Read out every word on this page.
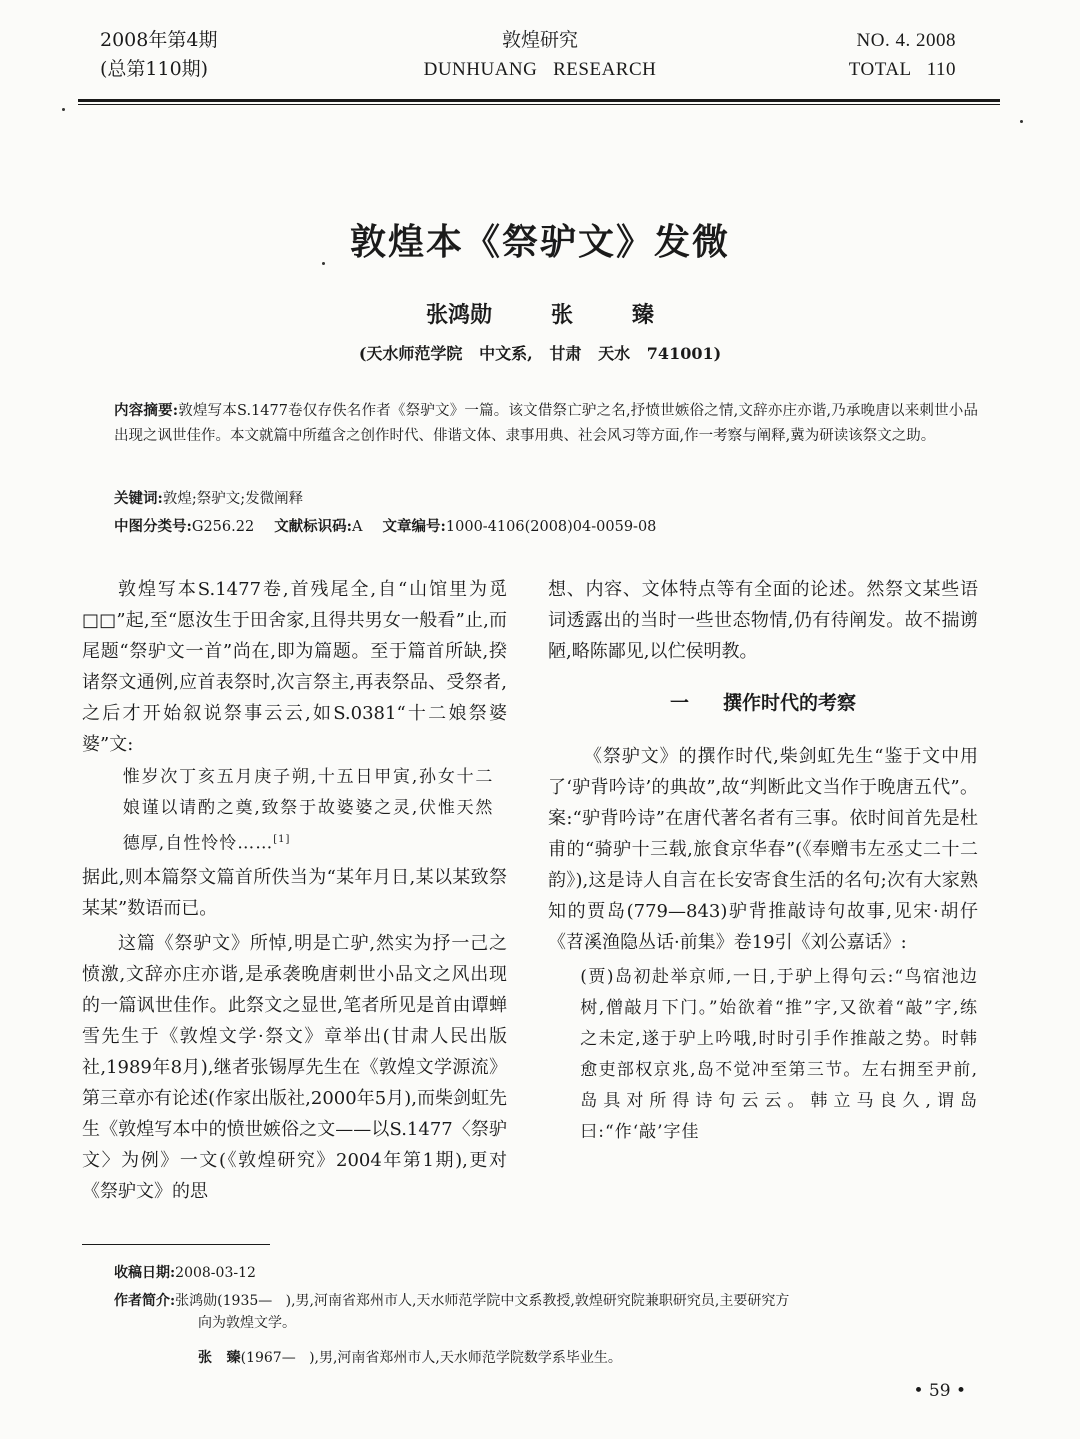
2008年第4期
(总第110期)
敦煌研究
DUNHUANG   RESEARCH
NO. 4. 2008
TOTAL   110
敦煌本《祭驴文》发微
张鸿勋   张   臻
(天水师范学院   中文系,   甘肃   天水   741001)
内容摘要:敦煌写本S.1477卷仅存佚名作者《祭驴文》一篇。该文借祭亡驴之名,抒愤世嫉俗之情,文辞亦庄亦谐,乃承晚唐以来刺世小品出现之讽世佳作。本文就篇中所蕴含之创作时代、俳谐文体、隶事用典、社会风习等方面,作一考察与阐释,冀为研读该祭文之助。
关键词:敦煌;祭驴文;发微阐释
中图分类号:G256.22 文献标识码:A 文章编号:1000-4106(2008)04-0059-08

敦煌写本S.1477卷,首残尾全,自“山馆里为觅□□”起,至“愿汝生于田舍家,且得共男女一般看”止,而尾题“祭驴文一首”尚在,即为篇题。至于篇首所缺,揆诸祭文通例,应首表祭时,次言祭主,再表祭品、受祭者,之后才开始叙说祭事云云,如S.0381“十二娘祭婆婆”文:

惟岁次丁亥五月庚子朔,十五日甲寅,孙女十二娘谨以请酌之奠,致祭于故婆婆之灵,伏惟天然德厚,自性怜怜……[1]

据此,则本篇祭文篇首所佚当为“某年月日,某以某致祭某某”数语而已。

这篇《祭驴文》所悼,明是亡驴,然实为抒一己之愤激,文辞亦庄亦谐,是承袭晚唐刺世小品文之风出现的一篇讽世佳作。此祭文之显世,笔者所见是首由谭蝉雪先生于《敦煌文学·祭文》章举出(甘肃人民出版社,1989年8月),继者张锡厚先生在《敦煌文学源流》第三章亦有论述(作家出版社,2000年5月),而柴剑虹先生《敦煌写本中的愤世嫉俗之文——以S.1477〈祭驴文〉为例》一文(《敦煌研究》2004年第1期),更对《祭驴文》的思

想、内容、文体特点等有全面的论述。然祭文某些语词透露出的当时一些世态物情,仍有待阐发。故不揣谫陋,略陈鄙见,以伫侯明教。

一 撰作时代的考察

《祭驴文》的撰作时代,柴剑虹先生“鉴于文中用了‘驴背吟诗’的典故”,故“判断此文当作于晚唐五代”。案:“驴背吟诗”在唐代著名者有三事。依时间首先是杜甫的“骑驴十三载,旅食京华春”(《奉赠韦左丞丈二十二韵》),这是诗人自言在长安寄食生活的名句;次有大家熟知的贾岛(779—843)驴背推敲诗句故事,见宋·胡仔《苕溪渔隐丛话·前集》卷19引《刘公嘉话》:

(贾)岛初赴举京师,一日,于驴上得句云:“鸟宿池边树,僧敲月下门。”始欲着“推”字,又欲着“敲”字,练之未定,遂于驴上吟哦,时时引手作推敲之势。时韩愈吏部权京兆,岛不觉冲至第三节。左右拥至尹前,岛具对所得诗句云云。韩立马良久,谓岛曰:“作‘敲’字佳
收稿日期:2008-03-12
作者简介:张鸿勋(1935—   ),男,河南省郑州市人,天水师范学院中文系教授,敦煌研究院兼职研究员,主要研究方
向为敦煌文学。
张   臻(1967—   ),男,河南省郑州市人,天水师范学院数学系毕业生。
• 59 •
